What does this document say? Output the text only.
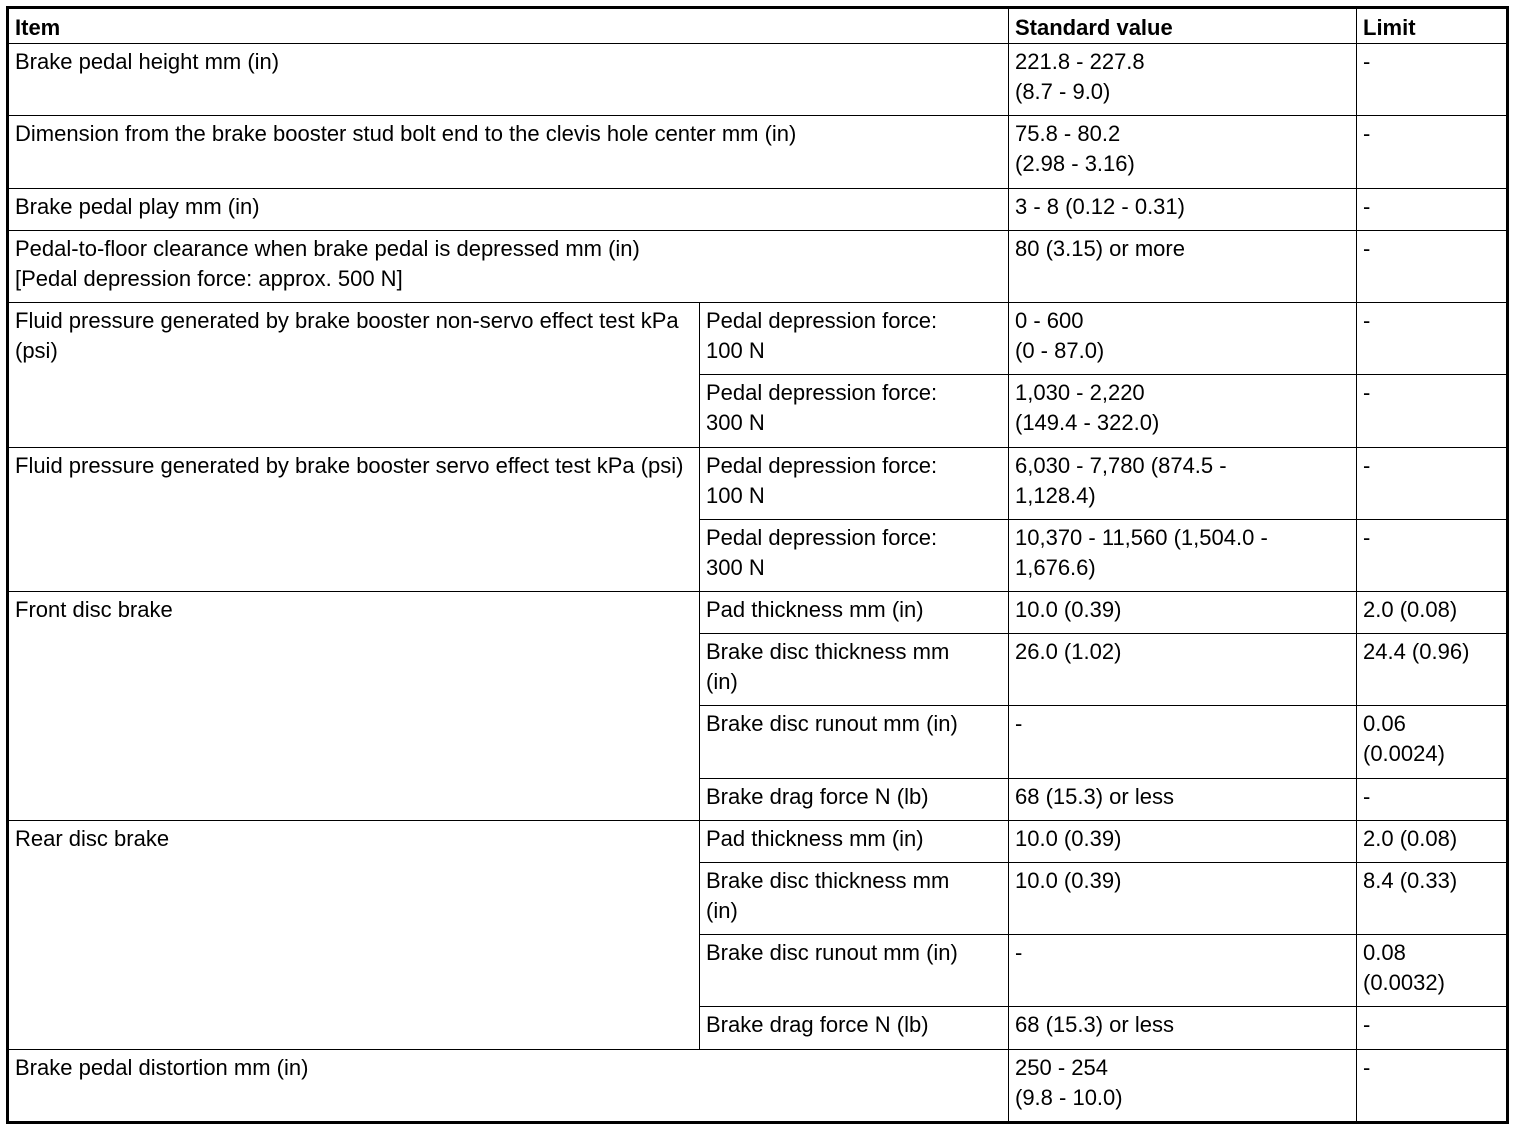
Item		Standard value	Limit
Brake pedal height mm (in)		221.8 - 227.8
(8.7 - 9.0)	-
Dimension from the brake booster stud bolt end to the clevis hole center mm (in)		75.8 - 80.2
(2.98 - 3.16)	-
Brake pedal play mm (in)		3 - 8 (0.12 - 0.31)	-
Pedal-to-floor clearance when brake pedal is depressed mm (in)
[Pedal depression force: approx. 500 N]		80 (3.15) or more	-
Fluid pressure generated by brake booster non-servo effect test kPa (psi)	Pedal depression force:
100 N	0 - 600
(0 - 87.0)	-
	Pedal depression force:
300 N	1,030 - 2,220
(149.4 - 322.0)	-
Fluid pressure generated by brake booster servo effect test kPa (psi)	Pedal depression force:
100 N	6,030 - 7,780 (874.5 -
1,128.4)	-
	Pedal depression force:
300 N	10,370 - 11,560 (1,504.0 -
1,676.6)	-
Front disc brake	Pad thickness mm (in)	10.0 (0.39)	2.0 (0.08)
	Brake disc thickness mm
(in)	26.0 (1.02)	24.4 (0.96)
	Brake disc runout mm (in)	-	0.06
(0.0024)
	Brake drag force N (lb)	68 (15.3) or less	-
Rear disc brake	Pad thickness mm (in)	10.0 (0.39)	2.0 (0.08)
	Brake disc thickness mm
(in)	10.0 (0.39)	8.4 (0.33)
	Brake disc runout mm (in)	-	0.08
(0.0032)
	Brake drag force N (lb)	68 (15.3) or less	-
Brake pedal distortion mm (in)		250 - 254
(9.8 - 10.0)	-
